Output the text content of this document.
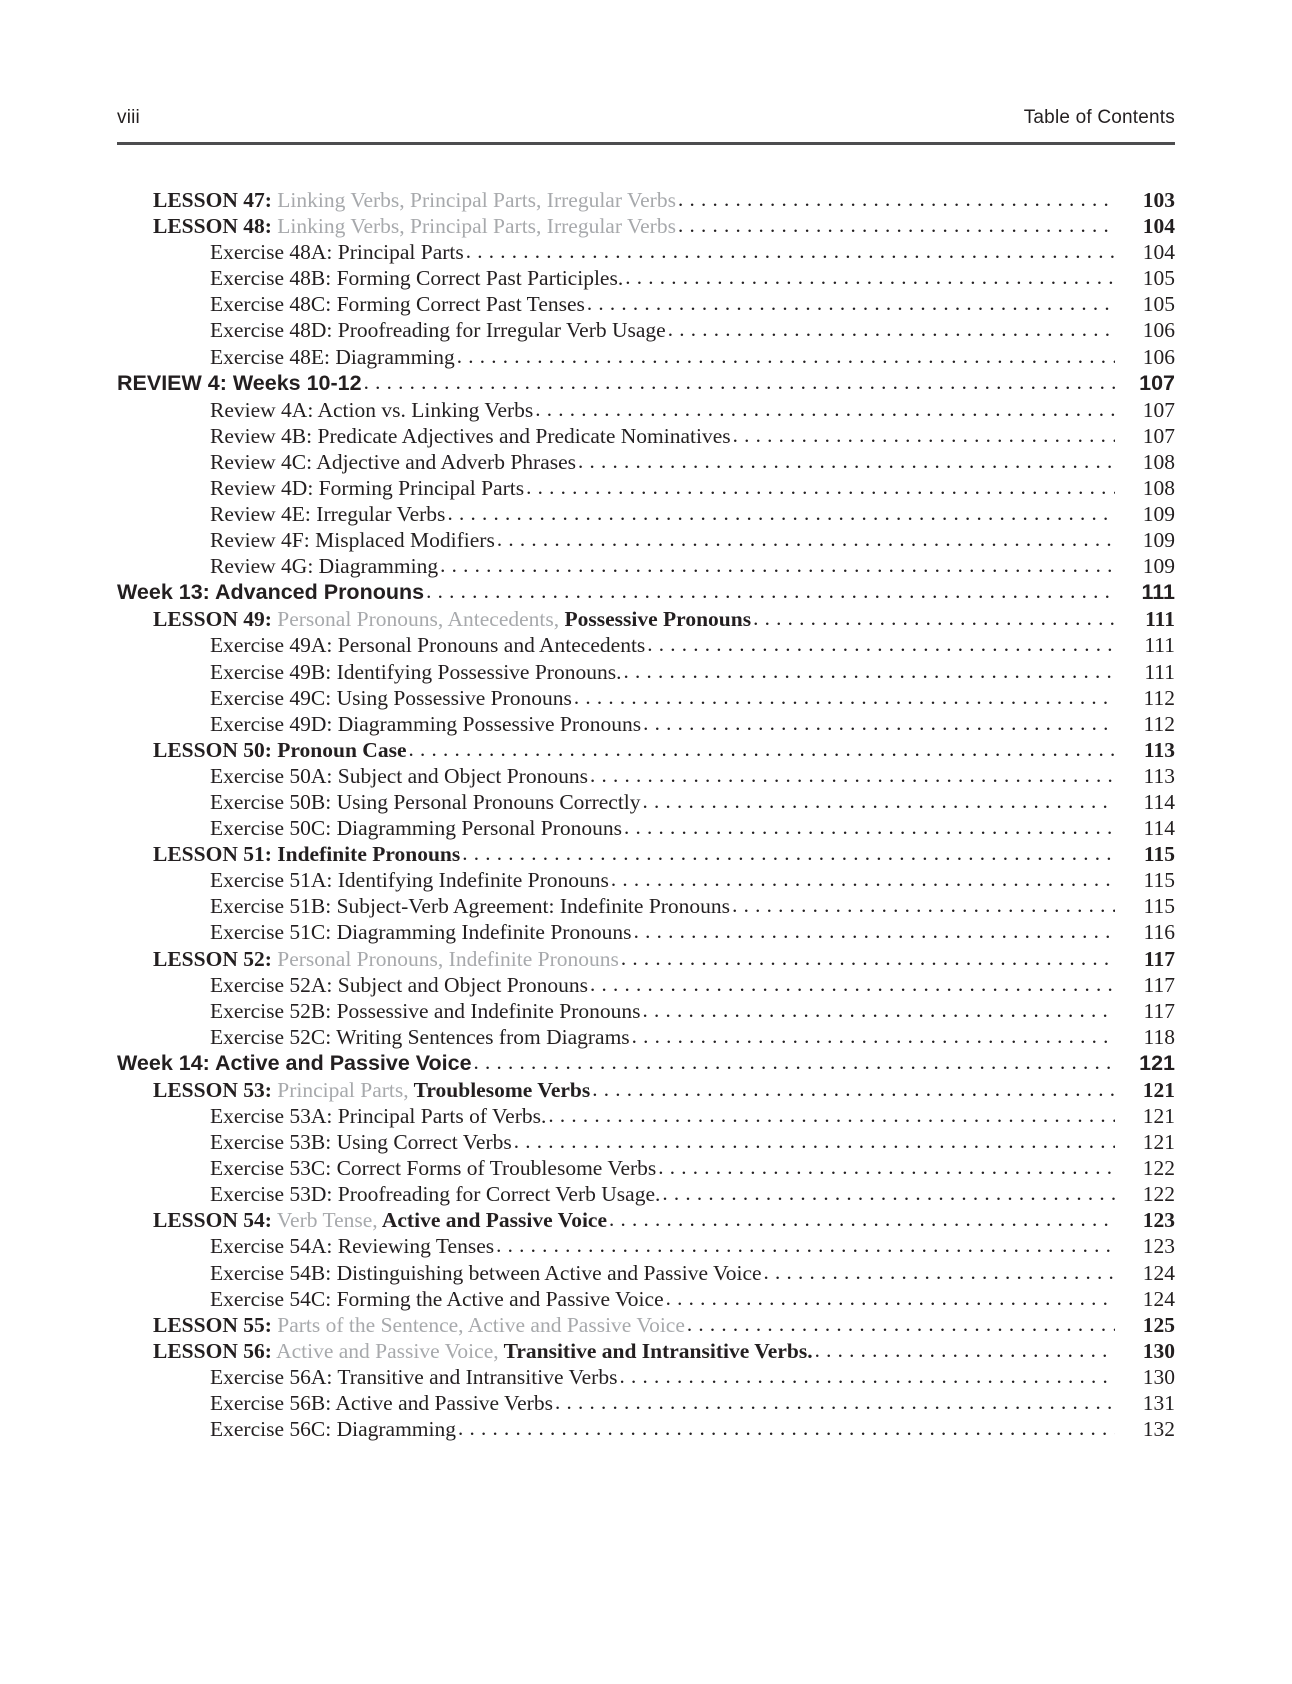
viii	Table of Contents
LESSON 47: Linking Verbs, Principal Parts, Irregular Verbs . . .	103
LESSON 48: Linking Verbs, Principal Parts, Irregular Verbs . . .	104
Exercise 48A: Principal Parts . . .	104
Exercise 48B: Forming Correct Past Participles. . . .	105
Exercise 48C: Forming Correct Past Tenses . . .	105
Exercise 48D: Proofreading for Irregular Verb Usage . . .	106
Exercise 48E: Diagramming . . .	106
REVIEW 4: Weeks 10-12 . . .	107
Review 4A: Action vs. Linking Verbs . . .	107
Review 4B: Predicate Adjectives and Predicate Nominatives . . .	107
Review 4C: Adjective and Adverb Phrases . . .	108
Review 4D: Forming Principal Parts . . .	108
Review 4E: Irregular Verbs . . .	109
Review 4F: Misplaced Modifiers . . .	109
Review 4G: Diagramming . . .	109
Week 13: Advanced Pronouns . . .	111
LESSON 49: Personal Pronouns, Antecedents, Possessive Pronouns . . .	111
Exercise 49A: Personal Pronouns and Antecedents . . .	111
Exercise 49B: Identifying Possessive Pronouns. . . .	111
Exercise 49C: Using Possessive Pronouns . . .	112
Exercise 49D: Diagramming Possessive Pronouns . . .	112
LESSON 50: Pronoun Case . . .	113
Exercise 50A: Subject and Object Pronouns . . .	113
Exercise 50B: Using Personal Pronouns Correctly . . .	114
Exercise 50C: Diagramming Personal Pronouns . . .	114
LESSON 51: Indefinite Pronouns . . .	115
Exercise 51A: Identifying Indefinite Pronouns . . .	115
Exercise 51B: Subject-Verb Agreement: Indefinite Pronouns . . .	115
Exercise 51C: Diagramming Indefinite Pronouns . . .	116
LESSON 52: Personal Pronouns, Indefinite Pronouns . . .	117
Exercise 52A: Subject and Object Pronouns . . .	117
Exercise 52B: Possessive and Indefinite Pronouns . . .	117
Exercise 52C: Writing Sentences from Diagrams . . .	118
Week 14: Active and Passive Voice . . .	121
LESSON 53: Principal Parts, Troublesome Verbs . . .	121
Exercise 53A: Principal Parts of Verbs. . . .	121
Exercise 53B: Using Correct Verbs . . .	121
Exercise 53C: Correct Forms of Troublesome Verbs . . .	122
Exercise 53D: Proofreading for Correct Verb Usage. . . .	122
LESSON 54: Verb Tense, Active and Passive Voice . . .	123
Exercise 54A: Reviewing Tenses . . .	123
Exercise 54B: Distinguishing between Active and Passive Voice . . .	124
Exercise 54C: Forming the Active and Passive Voice . . .	124
LESSON 55: Parts of the Sentence, Active and Passive Voice . . .	125
LESSON 56: Active and Passive Voice, Transitive and Intransitive Verbs. . . .	130
Exercise 56A: Transitive and Intransitive Verbs . . .	130
Exercise 56B: Active and Passive Verbs . . .	131
Exercise 56C: Diagramming . . .	132
